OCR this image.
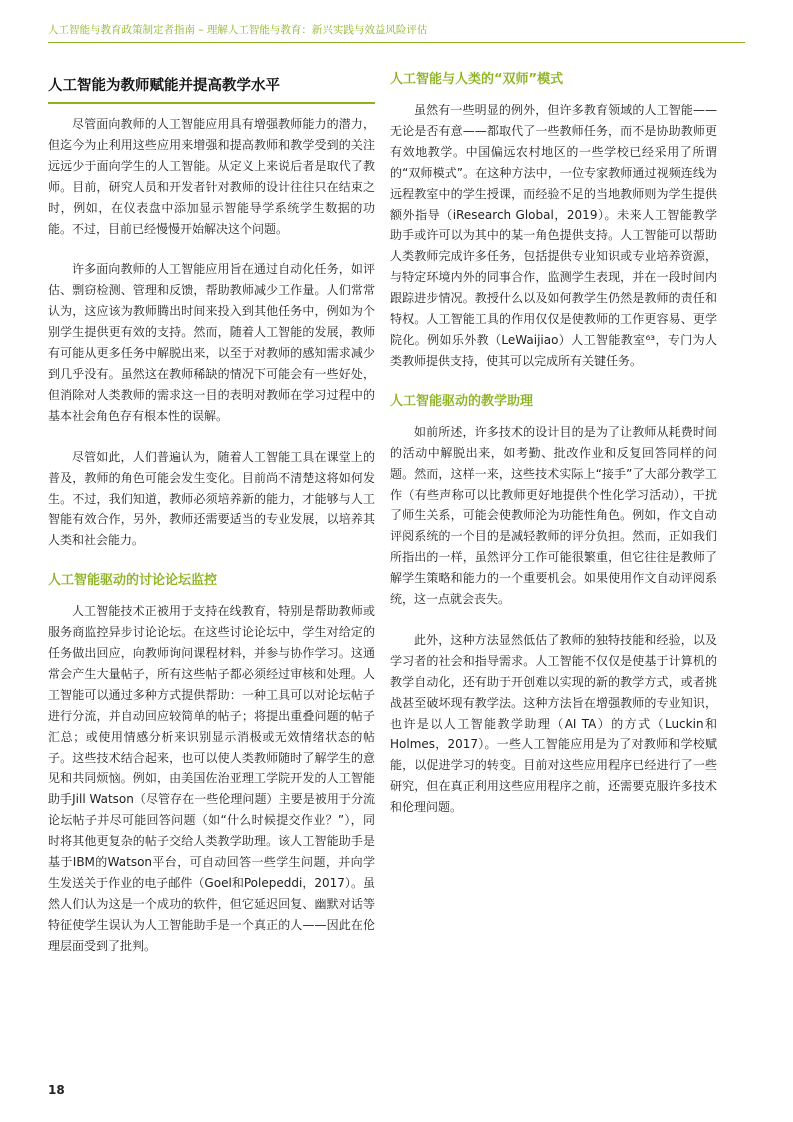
人工智能与教育政策制定者指南 – 理解人工智能与教育：新兴实践与效益风险评估
人工智能为教师赋能并提高教学水平

尽管面向教师的人工智能应用具有增强教师能力的潜力，但迄今为止利用这些应用来增强和提高教师和教学受到的关注远远少于面向学生的人工智能。从定义上来说后者是取代了教师。目前，研究人员和开发者针对教师的设计往往只在结束之时，例如，在仪表盘中添加显示智能导学系统学生数据的功能。不过，目前已经慢慢开始解决这个问题。

许多面向教师的人工智能应用旨在通过自动化任务，如评估、剽窃检测、管理和反馈，帮助教师减少工作量。人们常常认为，这应该为教师腾出时间来投入到其他任务中，例如为个别学生提供更有效的支持。然而，随着人工智能的发展，教师有可能从更多任务中解脱出来，以至于对教师的感知需求减少到几乎没有。虽然这在教师稀缺的情况下可能会有一些好处，但消除对人类教师的需求这一目的表明对教师在学习过程中的基本社会角色存有根本性的误解。

尽管如此，人们普遍认为，随着人工智能工具在课堂上的普及，教师的角色可能会发生变化。目前尚不清楚这将如何发生。不过，我们知道，教师必须培养新的能力，才能够与人工智能有效合作，另外，教师还需要适当的专业发展，以培养其人类和社会能力。

人工智能驱动的讨论论坛监控

人工智能技术正被用于支持在线教育，特别是帮助教师或服务商监控异步讨论论坛。在这些讨论论坛中，学生对给定的任务做出回应，向教师询问课程材料，并参与协作学习。这通常会产生大量帖子，所有这些帖子都必须经过审核和处理。人工智能可以通过多种方式提供帮助：一种工具可以对论坛帖子进行分流，并自动回应较简单的帖子；将提出重叠问题的帖子汇总；或使用情感分析来识别显示消极或无效情绪状态的帖子。这些技术结合起来，也可以使人类教师随时了解学生的意见和共同烦恼。例如，由美国佐治亚理工学院开发的人工智能助手Jill Watson（尽管存在一些伦理问题）主要是被用于分流论坛帖子并尽可能回答问题（如“什么时候提交作业？”），同时将其他更复杂的帖子交给人类教学助理。该人工智能助手是基于IBM的Watson平台，可自动回答一些学生问题，并向学生发送关于作业的电子邮件（Goel和Polepeddi，2017）。虽然人们认为这是一个成功的软件，但它延迟回复、幽默对话等特征使学生误认为人工智能助手是一个真正的人——因此在伦理层面受到了批判。

人工智能与人类的“双师”模式

虽然有一些明显的例外，但许多教育领域的人工智能——无论是否有意——都取代了一些教师任务，而不是协助教师更有效地教学。中国偏远农村地区的一些学校已经采用了所谓的“双师模式”。在这种方法中，一位专家教师通过视频连线为远程教室中的学生授课，而经验不足的当地教师则为学生提供额外指导（iResearch Global，2019）。未来人工智能教学助手或许可以为其中的某一角色提供支持。人工智能可以帮助人类教师完成许多任务，包括提供专业知识或专业培养资源，与特定环境内外的同事合作，监测学生表现，并在一段时间内跟踪进步情况。教授什么以及如何教学生仍然是教师的责任和特权。人工智能工具的作用仅仅是使教师的工作更容易、更学院化。例如乐外教（LeWaijiao）人工智能教室⁶³，专门为人类教师提供支持，使其可以完成所有关键任务。

人工智能驱动的教学助理

如前所述，许多技术的设计目的是为了让教师从耗费时间的活动中解脱出来，如考勤、批改作业和反复回答同样的问题。然而，这样一来，这些技术实际上“接手”了大部分教学工作（有些声称可以比教师更好地提供个性化学习活动），干扰了师生关系，可能会使教师沦为功能性角色。例如，作文自动评阅系统的一个目的是减轻教师的评分负担。然而，正如我们所指出的一样，虽然评分工作可能很繁重，但它往往是教师了解学生策略和能力的一个重要机会。如果使用作文自动评阅系统，这一点就会丧失。

此外，这种方法显然低估了教师的独特技能和经验，以及学习者的社会和指导需求。人工智能不仅仅是使基于计算机的教学自动化，还有助于开创难以实现的新的教学方式，或者挑战甚至破坏现有教学法。这种方法旨在增强教师的专业知识，也许是以人工智能教学助理（AI TA）的方式（Luckin和Holmes，2017）。一些人工智能应用是为了对教师和学校赋能，以促进学习的转变。目前对这些应用程序已经进行了一些研究，但在真正利用这些应用程序之前，还需要克服许多技术和伦理问题。

18
